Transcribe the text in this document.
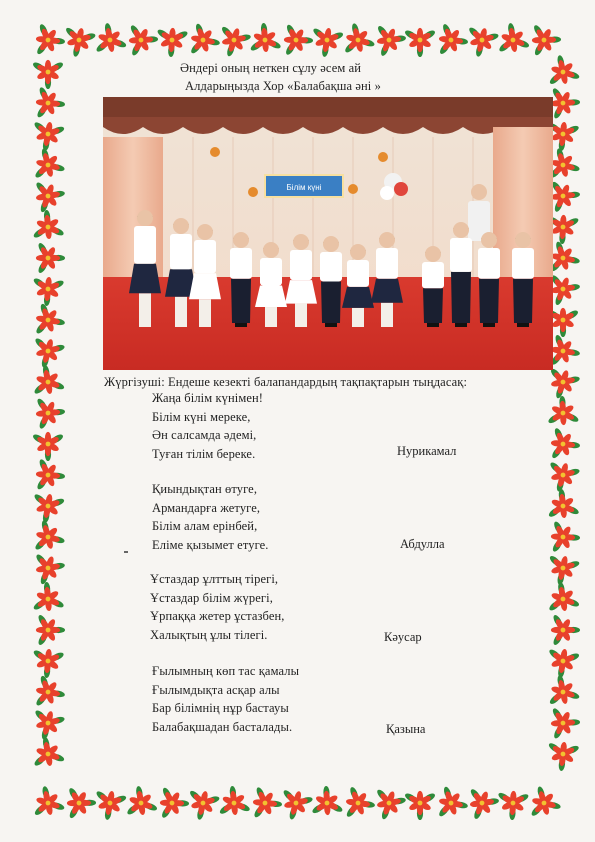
Әндері оның неткен сұлу әсем ай
Алдарыңызда Хор «Балабақша әні »
Білім күні
Жүргізуші: Ендеше кезекті балапандардың тақпақтарын тыңдасақ:
Жаңа білім күнімен!
Білім күні мереке,
Ән салсамда әдемі,
Туған тілім береке.	Нурикамал
Қиындықтан өтуге,
Армандарға жетуге,
Білім алам ерінбей,
Еліме қызымет етуге.	Абдулла
Ұстаздар ұлттың тірегі,
Ұстаздар білім жүрегі,
Ұрпаққа жетер ұстазбен,
Халықтың ұлы тілегі.	Кәусар
Ғылымның көп тас қамалы
Ғылымдықта асқар алы
Бар білімнің нұр бастауы
Балабақшадан басталады.	Қазына
